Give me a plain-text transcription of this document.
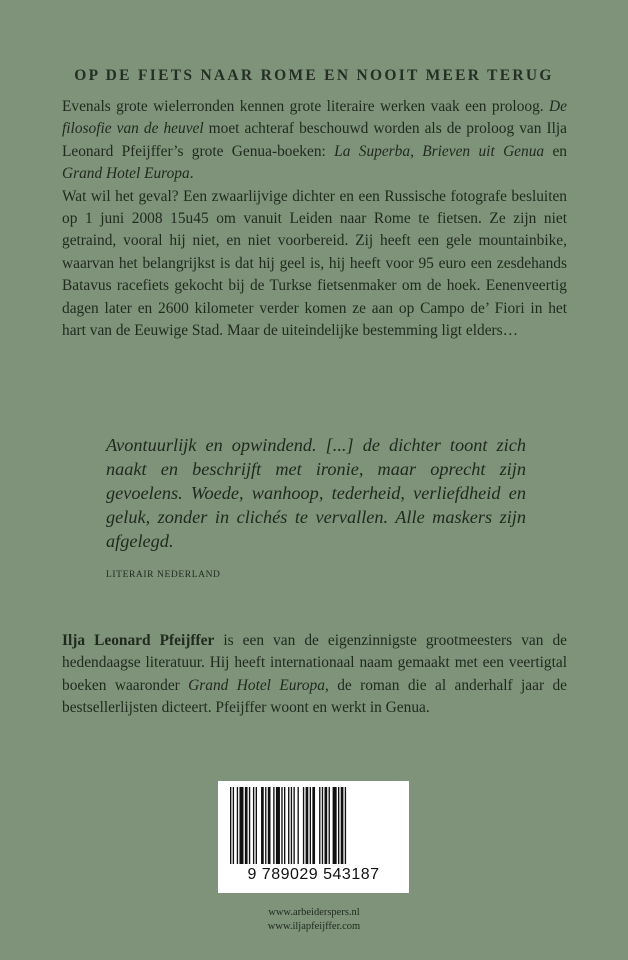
OP DE FIETS NAAR ROME EN NOOIT MEER TERUG

Evenals grote wielerronden kennen grote literaire werken vaak een proloog. De filosofie van de heuvel moet achteraf beschouwd worden als de proloog van Ilja Leonard Pfeijffer’s grote Genua-boeken: La Superba, Brieven uit Genua en Grand Hotel Europa.

Wat wil het geval? Een zwaarlijvige dichter en een Russische fotografe besluiten op 1 juni 2008 15u45 om vanuit Leiden naar Rome te fietsen. Ze zijn niet getraind, vooral hij niet, en niet voorbereid. Zij heeft een gele mountainbike, waarvan het belangrijkst is dat hij geel is, hij heeft voor 95 euro een zesdehands Batavus racefiets gekocht bij de Turkse fietsenmaker om de hoek. Eenenveertig dagen later en 2600 kilometer verder komen ze aan op Campo de’ Fiori in het hart van de Eeuwige Stad. Maar de uiteindelijke bestemming ligt elders…

Avontuurlijk en opwindend. [...] de dichter toont zich naakt en beschrijft met ironie, maar oprecht zijn gevoelens. Woede, wanhoop, tederheid, verliefdheid en geluk, zonder in clichés te vervallen. Alle maskers zijn afgelegd.
LITERAIR NEDERLAND
Ilja Leonard Pfeijffer is een van de eigenzinnigste grootmeesters van de hedendaagse literatuur. Hij heeft internationaal naam gemaakt met een veertigtal boeken waaronder Grand Hotel Europa, de roman die al anderhalf jaar de bestsellerlijsten dicteert. Pfeijffer woont en werkt in Genua.
9 789029 543187
www.arbeiderspers.nl
www.iljapfeijffer.com
